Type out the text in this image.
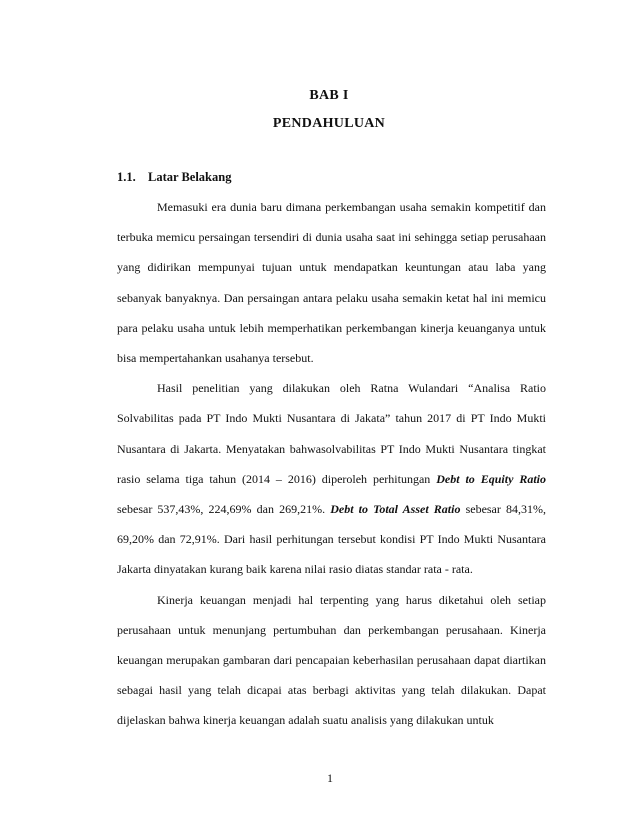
BAB I
PENDAHULUAN
1.1. Latar Belakang

Memasuki era dunia baru dimana perkembangan usaha semakin kompetitif dan terbuka memicu persaingan tersendiri di dunia usaha saat ini sehingga setiap perusahaan yang didirikan mempunyai tujuan untuk mendapatkan keuntungan atau laba yang sebanyak banyaknya. Dan persaingan antara pelaku usaha semakin ketat hal ini memicu para pelaku usaha untuk lebih memperhatikan perkembangan kinerja keuanganya untuk bisa mempertahankan usahanya tersebut.

Hasil penelitian yang dilakukan oleh Ratna Wulandari “Analisa Ratio Solvabilitas pada PT Indo Mukti Nusantara di Jakata” tahun 2017 di PT Indo Mukti Nusantara di Jakarta. Menyatakan bahwasolvabilitas PT Indo Mukti Nusantara tingkat rasio selama tiga tahun (2014 – 2016) diperoleh perhitungan Debt to Equity Ratio sebesar 537,43%, 224,69% dan 269,21%. Debt to Total Asset Ratio sebesar 84,31%, 69,20% dan 72,91%. Dari hasil perhitungan tersebut kondisi PT Indo Mukti Nusantara Jakarta dinyatakan kurang baik karena nilai rasio diatas standar rata - rata.

Kinerja keuangan menjadi hal terpenting yang harus diketahui oleh setiap perusahaan untuk menunjang pertumbuhan dan perkembangan perusahaan. Kinerja keuangan merupakan gambaran dari pencapaian keberhasilan perusahaan dapat diartikan sebagai hasil yang telah dicapai atas berbagi aktivitas yang telah dilakukan. Dapat dijelaskan bahwa kinerja keuangan adalah suatu analisis yang dilakukan untuk

1
